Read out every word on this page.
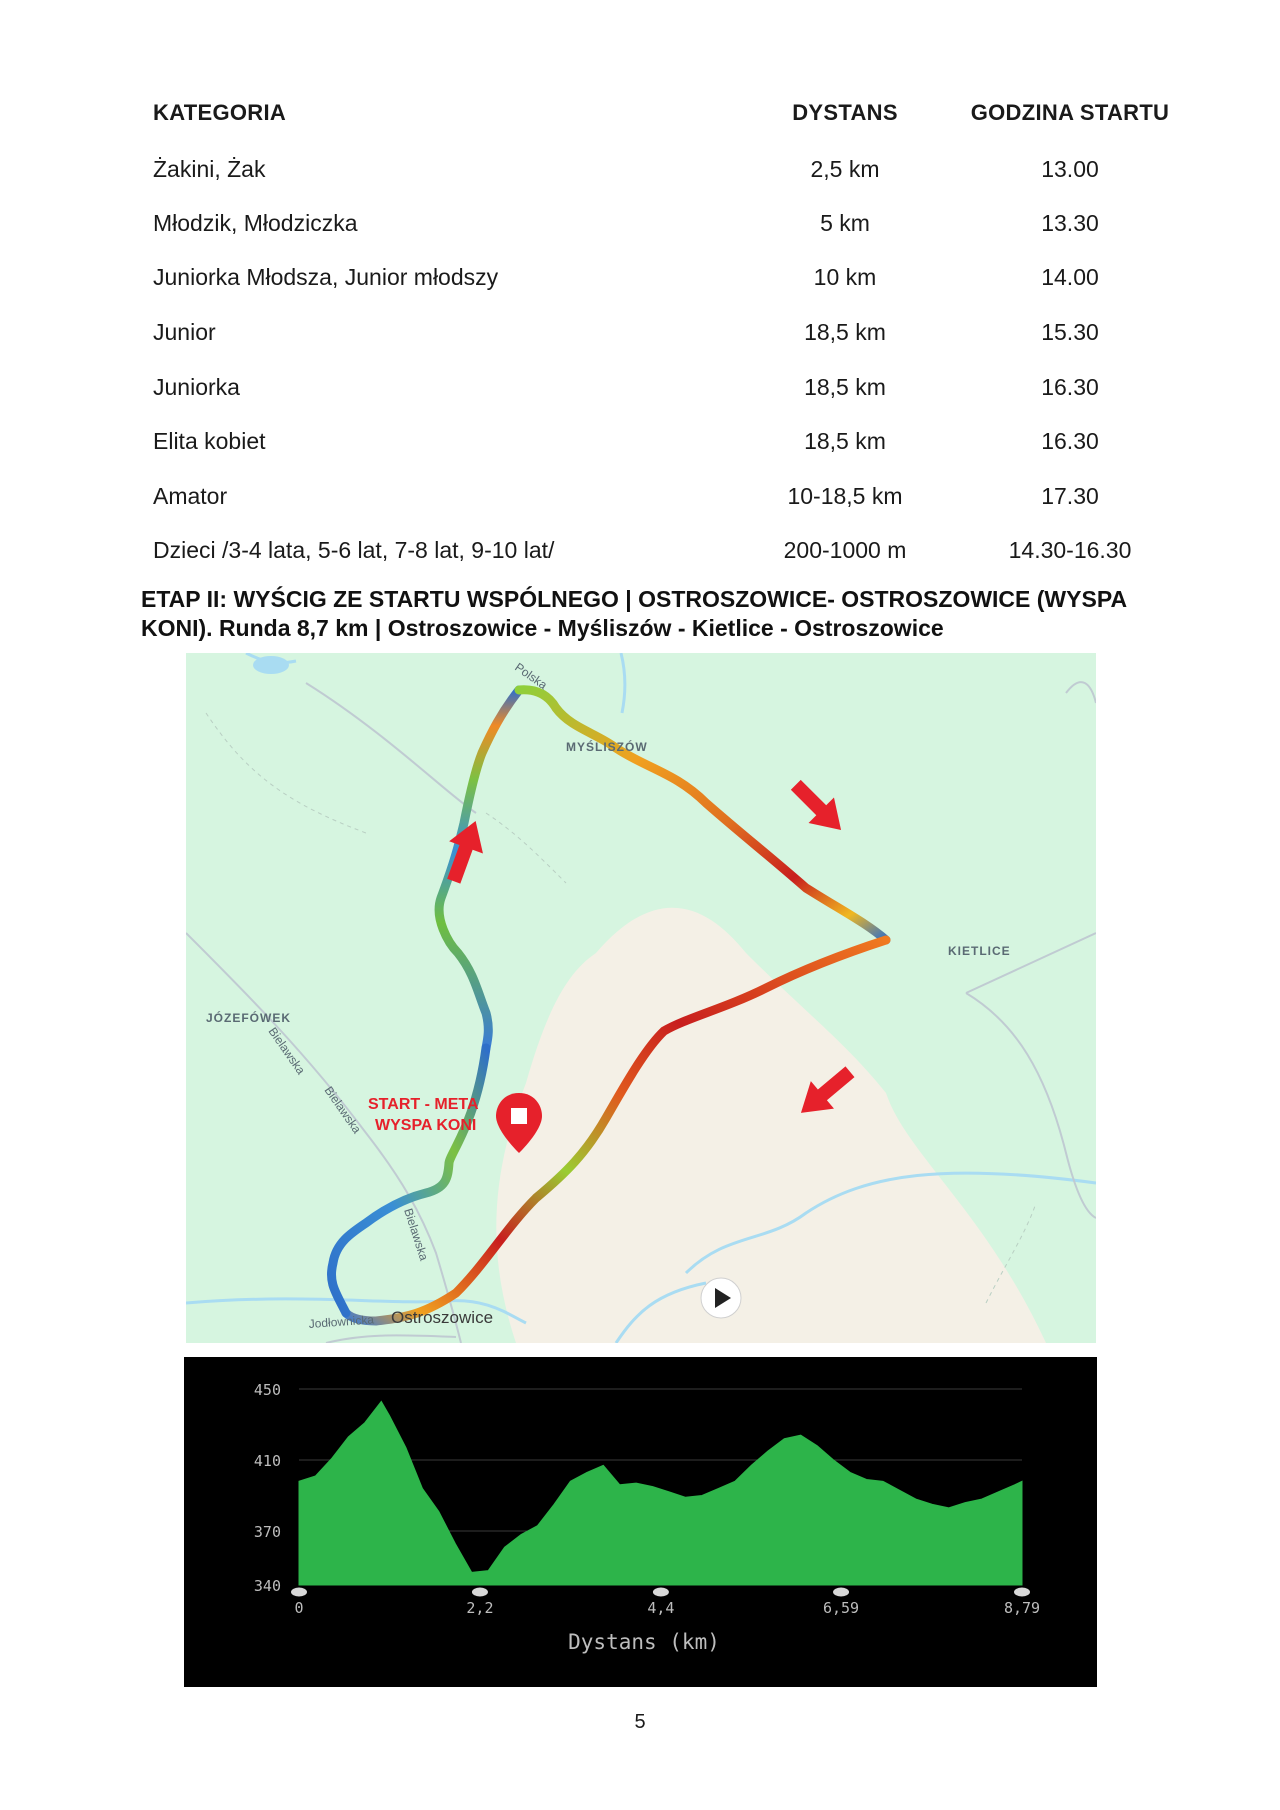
KATEGORIA	DYSTANS	GODZINA STARTU
Żakini, Żak	2,5 km	13.00
Młodzik, Młodziczka	5 km	13.30
Juniorka Młodsza, Junior młodszy	10 km	14.00
Junior	18,5 km	15.30
Juniorka	18,5 km	16.30
Elita kobiet	18,5 km	16.30
Amator	10-18,5 km	17.30
Dzieci /3-4 lata, 5-6 lat, 7-8 lat, 9-10 lat/	200-1000 m	14.30-16.30
ETAP II: WYŚCIG ZE STARTU WSPÓLNEGO | OSTROSZOWICE- OSTROSZOWICE (WYSPA
KONI). Runda 8,7 km | Ostroszowice - Myśliszów - Kietlice - Ostroszowice
MYŚLISZÓW
KIETLICE
JÓZEFÓWEK
START - META
WYSPA KONI
Ostroszowice
Jodłownicka
Bielawska
Bielawska
Bielawska
Polska
450
410
370
340
0	2,2	4,4	6,59	8,79
Dystans (km)
5
